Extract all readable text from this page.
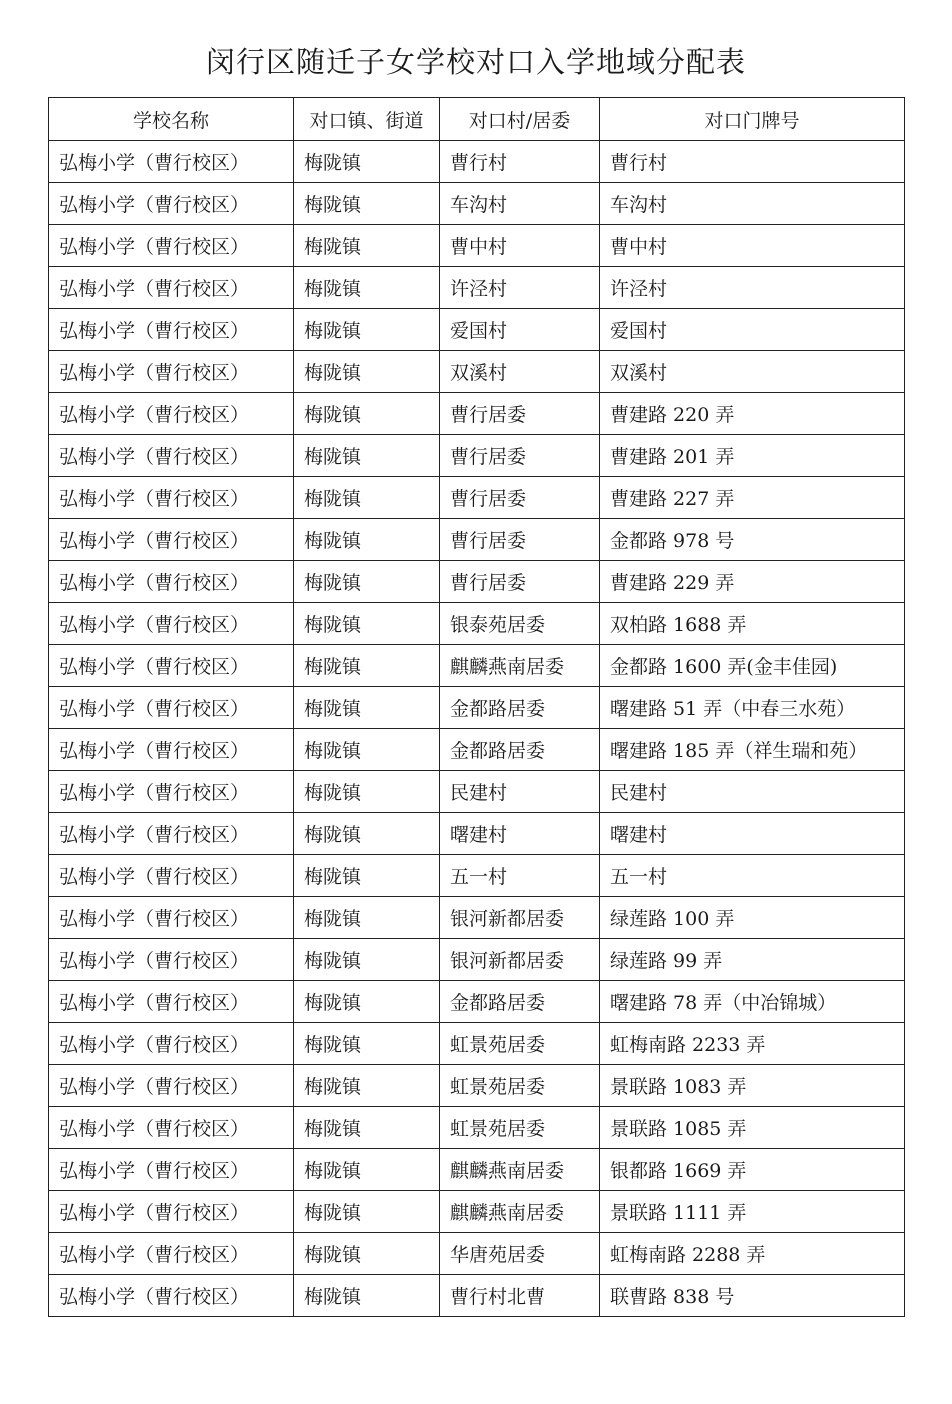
闵行区随迁子女学校对口入学地域分配表
学校名称	对口镇、街道	对口村/居委	对口门牌号
弘梅小学（曹行校区）	梅陇镇	曹行村	曹行村
弘梅小学（曹行校区）	梅陇镇	车沟村	车沟村
弘梅小学（曹行校区）	梅陇镇	曹中村	曹中村
弘梅小学（曹行校区）	梅陇镇	许泾村	许泾村
弘梅小学（曹行校区）	梅陇镇	爱国村	爱国村
弘梅小学（曹行校区）	梅陇镇	双溪村	双溪村
弘梅小学（曹行校区）	梅陇镇	曹行居委	曹建路 220 弄
弘梅小学（曹行校区）	梅陇镇	曹行居委	曹建路 201 弄
弘梅小学（曹行校区）	梅陇镇	曹行居委	曹建路 227 弄
弘梅小学（曹行校区）	梅陇镇	曹行居委	金都路 978 号
弘梅小学（曹行校区）	梅陇镇	曹行居委	曹建路 229 弄
弘梅小学（曹行校区）	梅陇镇	银泰苑居委	双柏路 1688 弄
弘梅小学（曹行校区）	梅陇镇	麒麟燕南居委	金都路 1600 弄(金丰佳园)
弘梅小学（曹行校区）	梅陇镇	金都路居委	曙建路 51 弄（中春三水苑）
弘梅小学（曹行校区）	梅陇镇	金都路居委	曙建路 185 弄（祥生瑞和苑）
弘梅小学（曹行校区）	梅陇镇	民建村	民建村
弘梅小学（曹行校区）	梅陇镇	曙建村	曙建村
弘梅小学（曹行校区）	梅陇镇	五一村	五一村
弘梅小学（曹行校区）	梅陇镇	银河新都居委	绿莲路 100 弄
弘梅小学（曹行校区）	梅陇镇	银河新都居委	绿莲路 99 弄
弘梅小学（曹行校区）	梅陇镇	金都路居委	曙建路 78 弄（中冶锦城）
弘梅小学（曹行校区）	梅陇镇	虹景苑居委	虹梅南路 2233 弄
弘梅小学（曹行校区）	梅陇镇	虹景苑居委	景联路 1083 弄
弘梅小学（曹行校区）	梅陇镇	虹景苑居委	景联路 1085 弄
弘梅小学（曹行校区）	梅陇镇	麒麟燕南居委	银都路 1669 弄
弘梅小学（曹行校区）	梅陇镇	麒麟燕南居委	景联路 1111 弄
弘梅小学（曹行校区）	梅陇镇	华唐苑居委	虹梅南路 2288 弄
弘梅小学（曹行校区）	梅陇镇	曹行村北曹	联曹路 838 号
